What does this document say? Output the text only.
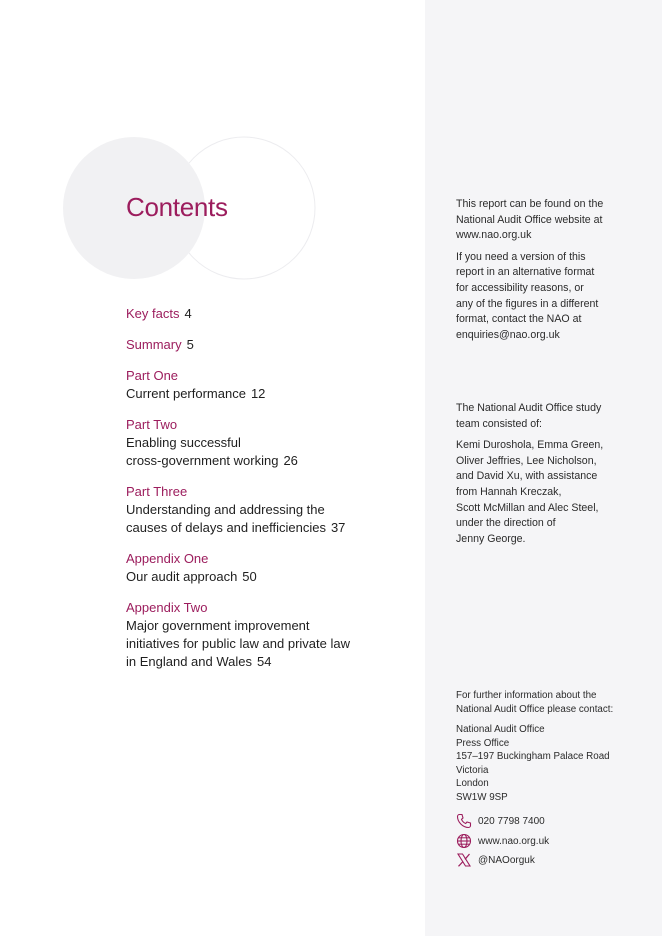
Contents
Key facts 4
Summary 5
Part One
Current performance 12
Part Two
Enabling successful
cross-government working 26
Part Three
Understanding and addressing the
causes of delays and inefficiencies 37
Appendix One
Our audit approach 50
Appendix Two
Major government improvement
initiatives for public law and private law
in England and Wales 54

This report can be found on the
National Audit Office website at
www.nao.org.uk

If you need a version of this
report in an alternative format
for accessibility reasons, or
any of the figures in a different
format, contact the NAO at
enquiries@nao.org.uk

The National Audit Office study
team consisted of:

Kemi Duroshola, Emma Green,
Oliver Jeffries, Lee Nicholson,
and David Xu, with assistance
from Hannah Kreczak,
Scott McMillan and Alec Steel,
under the direction of
Jenny George.

For further information about the
National Audit Office please contact:

National Audit Office
Press Office
157–197 Buckingham Palace Road
Victoria
London
SW1W 9SP

020 7798 7400
www.nao.org.uk
@NAOorguk
